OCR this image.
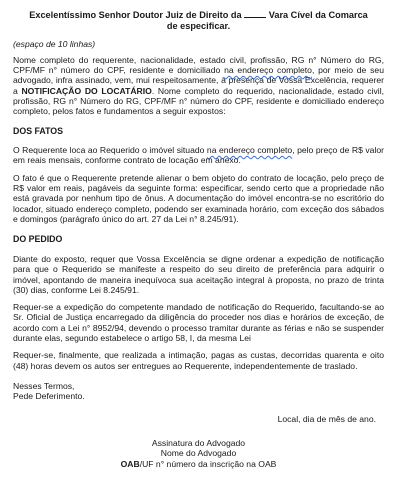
Excelentíssimo Senhor Doutor Juiz de Direito da	Vara Cível da Comarca de especificar.
(espaço de 10 linhas)

Nome completo do requerente, nacionalidade, estado civil, profissão, RG n° Número do RG, CPF/MF n° número do CPF, residente e domiciliado na endereço completo, por meio de seu advogado, infra assinado, vem, mui respeitosamente, à presença de Vossa Excelência, requerer a NOTIFICAÇÃO DO LOCATÁRIO. Nome completo do requerido, nacionalidade, estado civil, profissão, RG n° Número do RG, CPF/MF n° número do CPF, residente e domiciliado endereço completo, pelos fatos e fundamentos a seguir expostos:

DOS FATOS

O Requerente loca ao Requerido o imóvel situado na endereço completo, pelo preço de R$ valor em reais mensais, conforme contrato de locação em anexo.

O fato é que o Requerente pretende alienar o bem objeto do contrato de locação, pelo preço de R$ valor em reais, pagáveis da seguinte forma: especificar, sendo certo que a propriedade não está gravada por nenhum tipo de ônus. A documentação do imóvel encontra-se no escritório do locador, situado endereço completo, podendo ser examinada horário, com exceção dos sábados e domingos (parágrafo único do art. 27 da Lei n° 8.245/91).

DO PEDIDO

Diante do exposto, requer que Vossa Excelência se digne ordenar a expedição de notificação para que o Requerido se manifeste a respeito do seu direito de preferência para adquirir o imóvel, apontando de maneira inequívoca sua aceitação integral à proposta, no prazo de trinta (30) dias, conforme Lei 8.245/91.

Requer-se a expedição do competente mandado de notificação do Requerido, facultando-se ao Sr. Oficial de Justiça encarregado da diligência do proceder nos dias e horários de exceção, de acordo com a Lei n° 8952/94, devendo o processo tramitar durante as férias e não se suspender durante elas, segundo estabelece o artigo 58, I, da mesma Lei

Requer-se, finalmente, que realizada a intimação, pagas as custas, decorridas quarenta e oito (48) horas devem os autos ser entregues ao Requerente, independentemente de traslado.

Nesses Termos,
Pede Deferimento.
Local, dia de mês de ano.
Assinatura do Advogado
Nome do Advogado
OAB/UF n° número da inscrição na OAB
